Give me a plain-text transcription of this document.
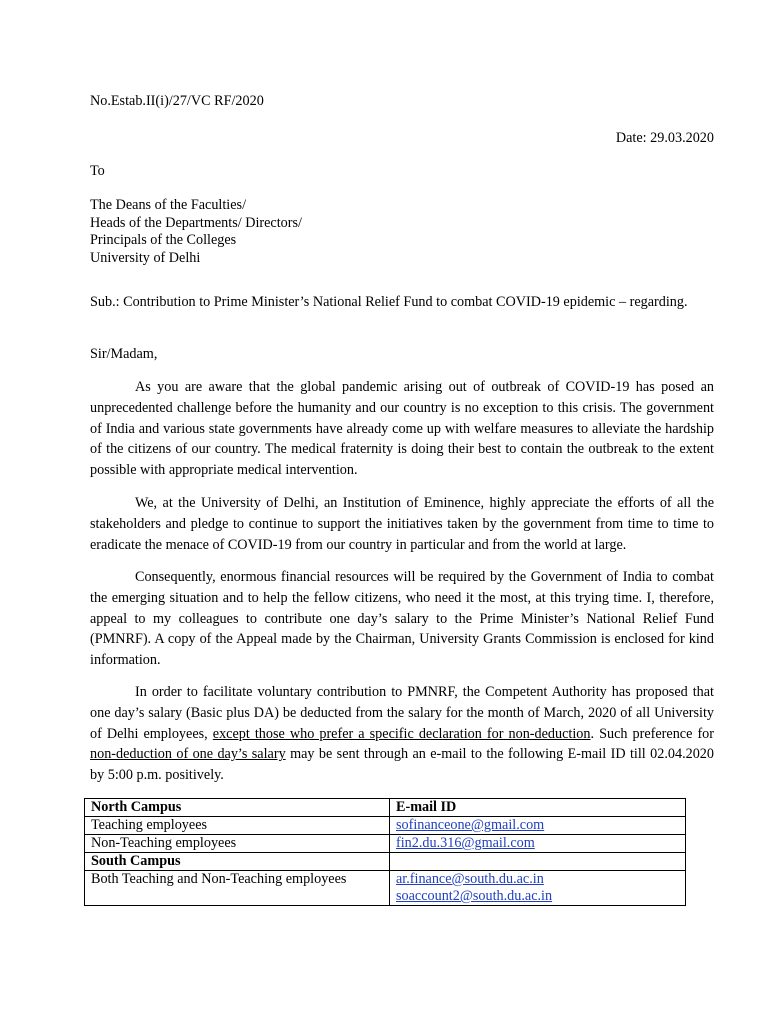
No.Estab.II(i)/27/VC RF/2020
Date: 29.03.2020
To
The Deans of the Faculties/
Heads of the Departments/ Directors/
Principals of the Colleges
University of Delhi
Sub.: Contribution to Prime Minister’s National Relief Fund to combat COVID-19 epidemic – regarding.
Sir/Madam,

As you are aware that the global pandemic arising out of outbreak of COVID-19 has posed an unprecedented challenge before the humanity and our country is no exception to this crisis. The government of India and various state governments have already come up with welfare measures to alleviate the hardship of the citizens of our country. The medical fraternity is doing their best to contain the outbreak to the extent possible with appropriate medical intervention.

We, at the University of Delhi, an Institution of Eminence, highly appreciate the efforts of all the stakeholders and pledge to continue to support the initiatives taken by the government from time to time to eradicate the menace of COVID-19 from our country in particular and from the world at large.

Consequently, enormous financial resources will be required by the Government of India to combat the emerging situation and to help the fellow citizens, who need it the most, at this trying time. I, therefore, appeal to my colleagues to contribute one day’s salary to the Prime Minister’s National Relief Fund (PMNRF). A copy of the Appeal made by the Chairman, University Grants Commission is enclosed for kind information.

In order to facilitate voluntary contribution to PMNRF, the Competent Authority has proposed that one day’s salary (Basic plus DA) be deducted from the salary for the month of March, 2020 of all University of Delhi employees, except those who prefer a specific declaration for non-deduction. Such preference for non-deduction of one day’s salary may be sent through an e-mail to the following E-mail ID till 02.04.2020 by 5:00 p.m. positively.

North Campus	E-mail ID
Teaching employees	sofinanceone@gmail.com

Non-Teaching employees	fin2.du.316@gmail.com

South Campus	
Both Teaching and Non-Teaching employees	ar.finance@south.du.ac.in
soaccount2@south.du.ac.in
